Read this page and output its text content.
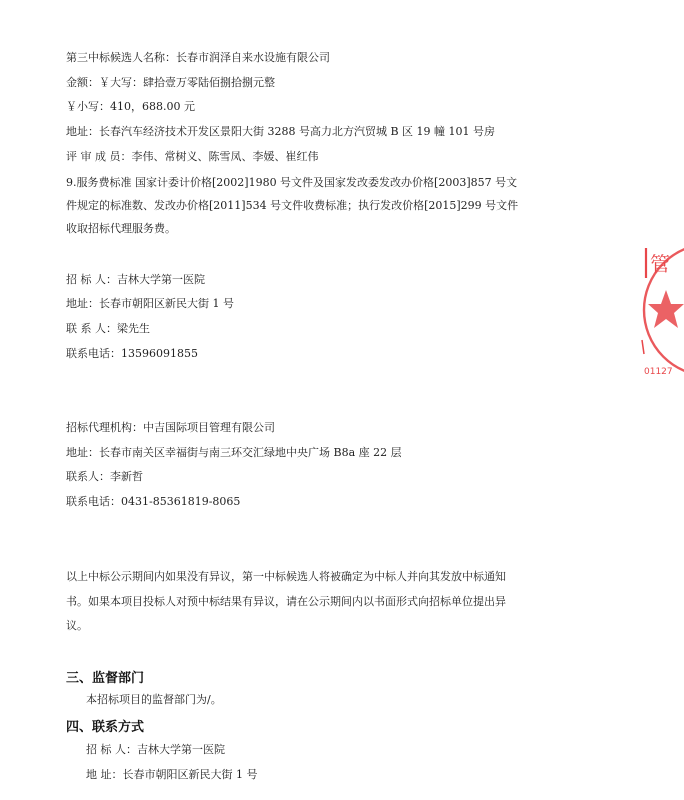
第三中标候选人名称：长春市润泽自来水设施有限公司
金额：￥大写：肆拾壹万零陆佰捌拾捌元整
￥小写：410，688.00 元
地址：长春汽车经济技术开发区景阳大街 3288 号高力北方汽贸城 B 区 19 幢 101 号房
评 审 成 员：李伟、常树义、陈雪凤、李媛、崔红伟
9.服务费标准 国家计委计价格[2002]1980 号文件及国家发改委发改办价格[2003]857 号文
件规定的标准数、发改办价格[2011]534 号文件收费标准；执行发改价格[2015]299 号文件
收取招标代理服务费。
招 标 人：吉林大学第一医院
地址：长春市朝阳区新民大街 1 号
联 系 人：梁先生
联系电话：13596091855
招标代理机构：中吉国际项目管理有限公司
地址：长春市南关区幸福街与南三环交汇绿地中央广场 B8a 座 22 层
联系人：李新哲
联系电话：0431-85361819-8065
以上中标公示期间内如果没有异议，第一中标候选人将被确定为中标人并向其发放中标通知
书。如果本项目投标人对预中标结果有异议，请在公示期间内以书面形式向招标单位提出异
议。
三、监督部门
本招标项目的监督部门为/。
四、联系方式
招 标 人：吉林大学第一医院
地 址：长春市朝阳区新民大街 1 号
管
01127
